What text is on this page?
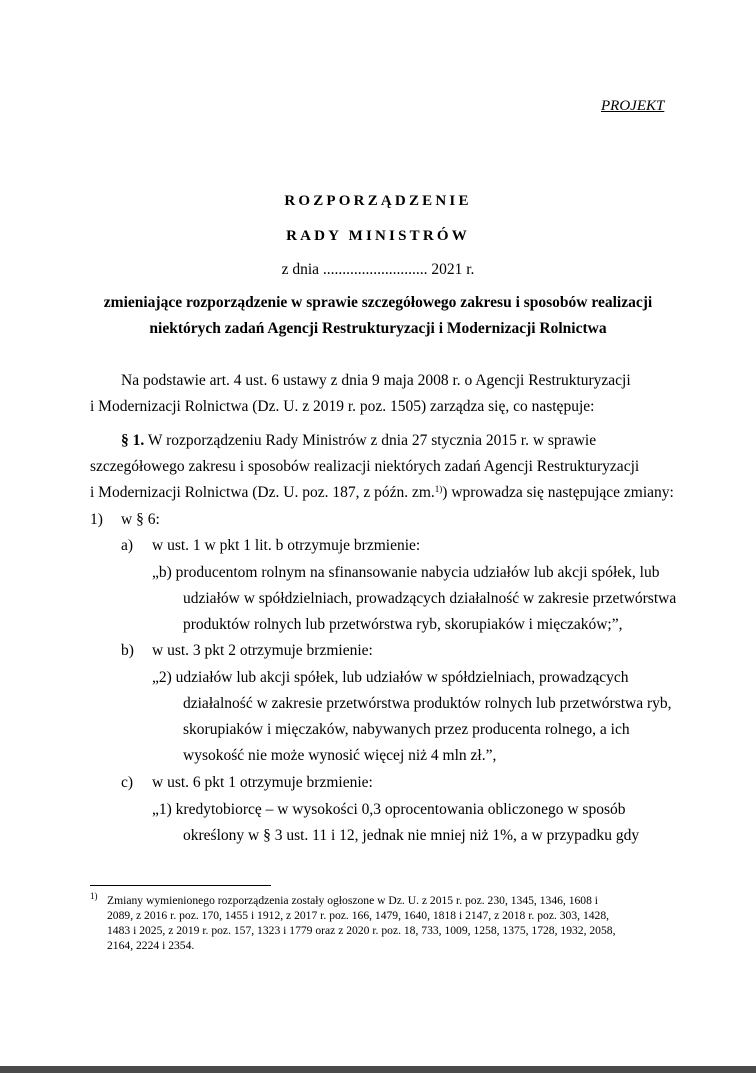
PROJEKT
ROZPORZĄDZENIE
RADY MINISTRÓW
z dnia ........................... 2021 r.
zmieniające rozporządzenie w sprawie szczegółowego zakresu i sposobów realizacji
niektórych zadań Agencji Restrukturyzacji i Modernizacji Rolnictwa
Na podstawie art. 4 ust. 6 ustawy z dnia 9 maja 2008 r. o Agencji Restrukturyzacji
i Modernizacji Rolnictwa (Dz. U. z 2019 r. poz. 1505) zarządza się, co następuje:
§ 1. W rozporządzeniu Rady Ministrów z dnia 27 stycznia 2015 r. w sprawie
szczegółowego zakresu i sposobów realizacji niektórych zadań Agencji Restrukturyzacji
i Modernizacji Rolnictwa (Dz. U. poz. 187, z późn. zm.$^{1)}$) wprowadza się następujące zmiany:
1) w § 6:
a) w ust. 1 w pkt 1 lit. b otrzymuje brzmienie:
„b) producentom rolnym na sfinansowanie nabycia udziałów lub akcji spółek, lub
udziałów w spółdzielniach, prowadzących działalność w zakresie przetwórstwa
produktów rolnych lub przetwórstwa ryb, skorupiaków i mięczaków;”,
b) w ust. 3 pkt 2 otrzymuje brzmienie:
„2) udziałów lub akcji spółek, lub udziałów w spółdzielniach, prowadzących
działalność w zakresie przetwórstwa produktów rolnych lub przetwórstwa ryb,
skorupiaków i mięczaków, nabywanych przez producenta rolnego, a ich
wysokość nie może wynosić więcej niż 4 mln zł.”,
c) w ust. 6 pkt 1 otrzymuje brzmienie:
„1) kredytobiorcę – w wysokości 0,3 oprocentowania obliczonego w sposób
określony w § 3 ust. 11 i 12, jednak nie mniej niż 1%, a w przypadku gdy
$^{1)}$ Zmiany wymienionego rozporządzenia zostały ogłoszone w Dz. U. z 2015 r. poz. 230, 1345, 1346, 1608 i
2089, z 2016 r. poz. 170, 1455 i 1912, z 2017 r. poz. 166, 1479, 1640, 1818 i 2147, z 2018 r. poz. 303, 1428,
1483 i 2025, z 2019 r. poz. 157, 1323 i 1779 oraz z 2020 r. poz. 18, 733, 1009, 1258, 1375, 1728, 1932, 2058,
2164, 2224 i 2354.
